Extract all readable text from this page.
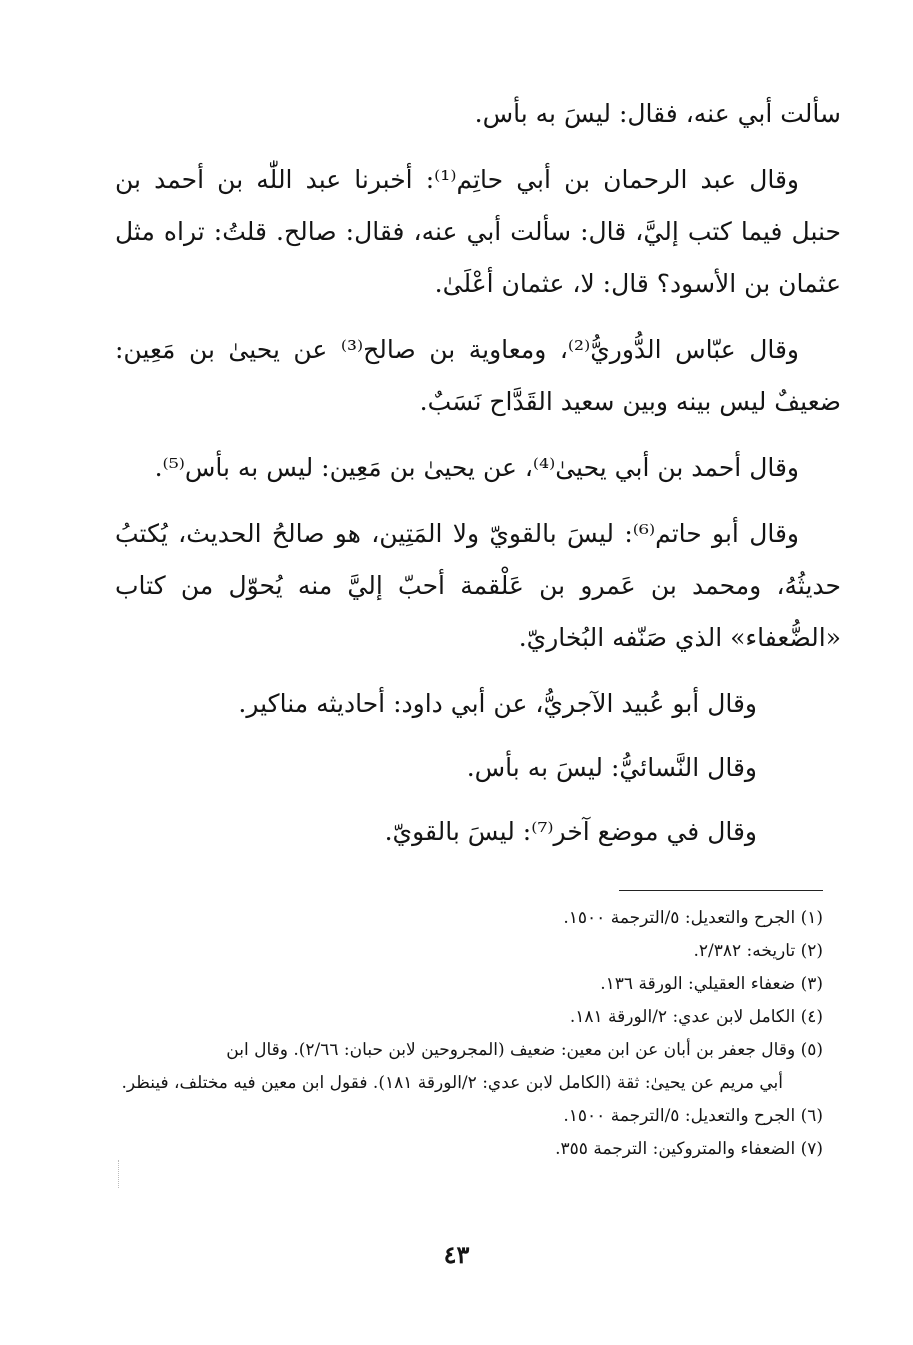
سألت أبي عنه، فقال: ليسَ به بأس.

وقال عبد الرحمان بن أبي حاتِم⁽¹⁾: أخبرنا عبد اللّٰه بن أحمد بن حنبل فيما كتب إليَّ، قال: سألت أبي عنه، فقال: صالح. قلتُ: تراه مثل عثمان بن الأسود؟ قال: لا، عثمان أعْلَىٰ.

وقال عبّاس الدُّوريُّ⁽²⁾، ومعاوية بن صالح⁽³⁾ عن يحيىٰ بن مَعِين: ضعيفٌ ليس بينه وبين سعيد القَدَّاح نَسَبٌ.

وقال أحمد بن أبي يحيىٰ⁽⁴⁾، عن يحيىٰ بن مَعِين: ليس به بأس⁽⁵⁾.

وقال أبو حاتم⁽⁶⁾: ليسَ بالقويّ ولا المَتِين، هو صالحُ الحديث، يُكتبُ حديثُهُ، ومحمد بن عَمرو بن عَلْقمة أحبّ إليَّ منه يُحوّل من كتاب «الضُّعفاء» الذي صَنّفه البُخاريّ.

وقال أبو عُبيد الآجريُّ، عن أبي داود: أحاديثه مناكير.

وقال النَّسائيُّ: ليسَ به بأس.

وقال في موضع آخر⁽⁷⁾: ليسَ بالقويّ.

(١) الجرح والتعديل: ٥/الترجمة ١٥٠٠.
(٢) تاريخه: ٢/٣٨٢.
(٣) ضعفاء العقيلي: الورقة ١٣٦.
(٤) الكامل لابن عدي: ٢/الورقة ١٨١.
(٥) وقال جعفر بن أبان عن ابن معين: ضعيف (المجروحين لابن حبان: ٢/٦٦). وقال ابن
أبي مريم عن يحيىٰ: ثقة (الكامل لابن عدي: ٢/الورقة ١٨١). فقول ابن معين فيه مختلف، فينظر.
(٦) الجرح والتعديل: ٥/الترجمة ١٥٠٠.
(٧) الضعفاء والمتروكين: الترجمة ٣٥٥.
٤٣
